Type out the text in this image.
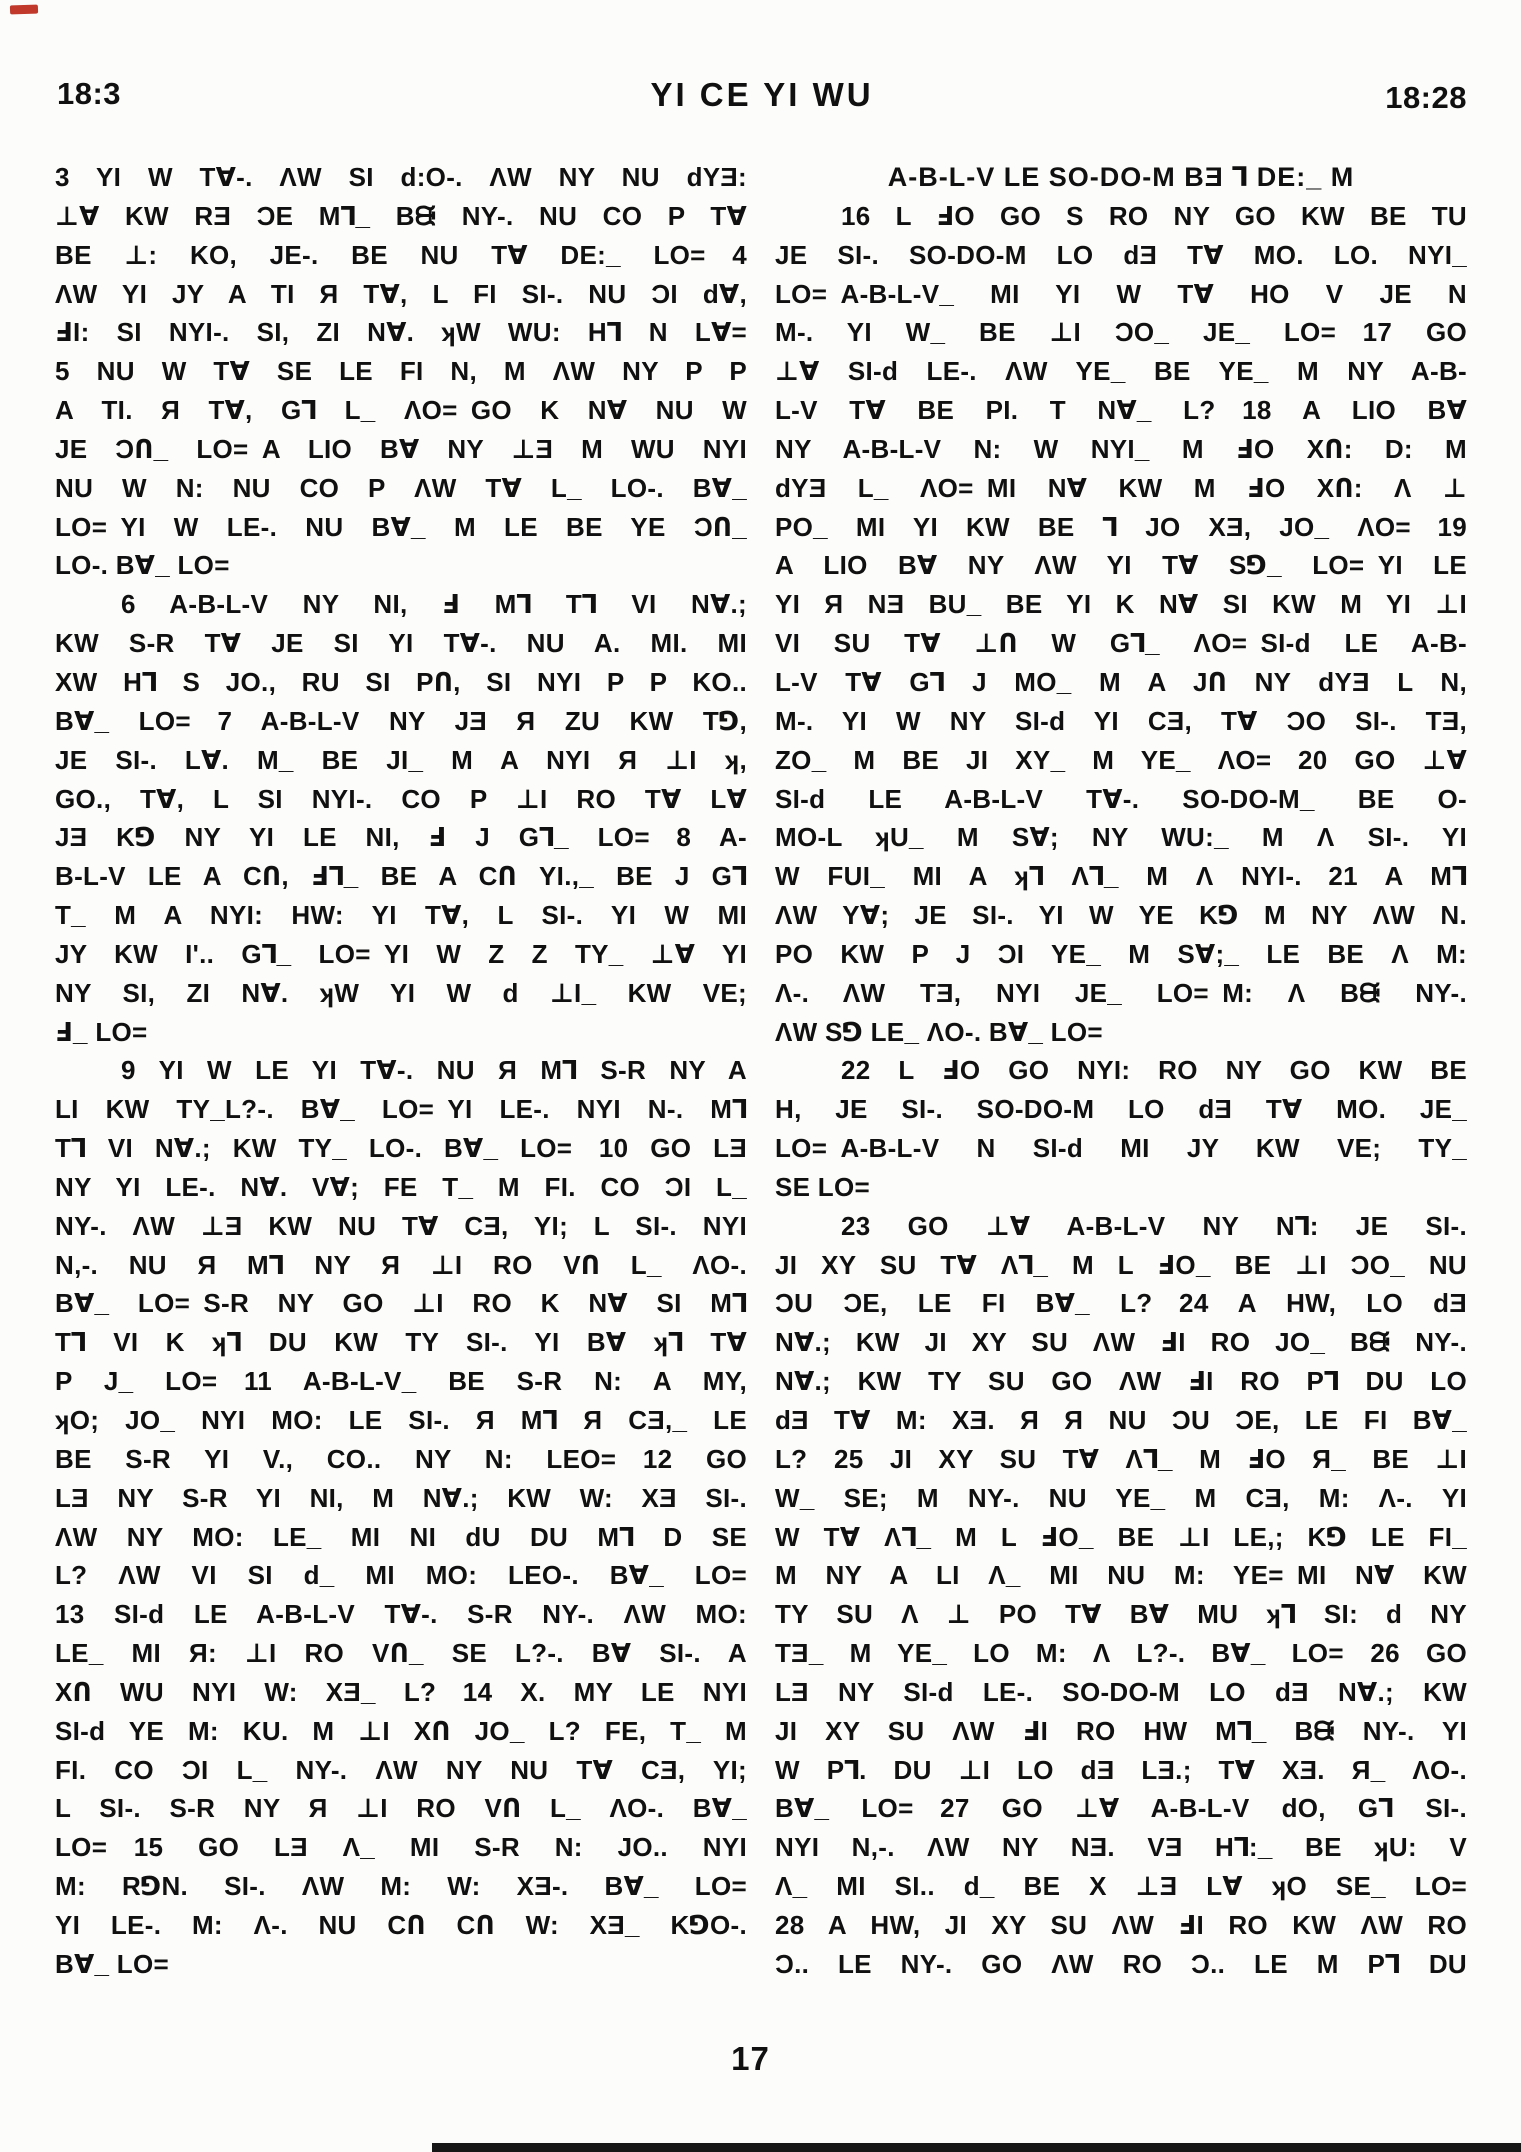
18:3	YI CE YI WU	18:28
3 YI W T∀-. ΛW SI d:O-. ΛW NY NU dYƎ:
⊥∀ KW RƎ ƆE M⅂_ Bᙠ NY-. NU CO P T∀
BE ⊥: KO, JE-. BE NU T∀ DE:_ LO=  4
ΛW YI JY A TI Я T∀, L FI SI-. NU ƆI d∀,
ℲI: SI NYI-. SI, ZI N∀. ʞW WU: H⅂ N L∀=
5 NU W T∀ SE LE FI N, M ΛW NY P P
A TI. Я T∀, G⅂ L_ ΛO= GO K N∀ NU W
JE ƆՈ_ LO= A LIO B∀ NY ⊥Ǝ M WU NYI
NU W N: NU CO P ΛW T∀ L_ LO-. B∀_
LO= YI W LE-. NU B∀_ M LE BE YE ƆՈ_
LO-. B∀_ LO=
6 A-B-L-V NY NI, Ⅎ M⅂ T⅂ VI N∀.;
KW S-R T∀ JE SI YI T∀-. NU A. MI. MI
XW H⅂ S JO., RU SI PՈ, SI NYI P P KO..
B∀_ LO=  7 A-B-L-V NY JƎ Я ZU KW T⅁,
JE SI-. L∀. M_ BE JI_ M A NYI Я ⊥I ʞ,
GO., T∀, L SI NYI-. CO P ⊥I RO T∀ L∀
JƎ K⅁ NY YI LE NI, Ⅎ J G⅂_ LO=  8 A-
B-L-V LE A CՈ, Ⅎ⅂_ BE A CՈ YI.,_ BE J G⅂
T_ M A NYI: HW: YI T∀, L SI-. YI W MI
JY KW I'.. G⅂_ LO= YI W Z Z TY_ ⊥∀ YI
NY SI, ZI N∀. ʞW YI W d ⊥I_ KW VE;
Ⅎ_ LO=
9 YI W LE YI T∀-. NU Я M⅂ S-R NY A
LI KW TY_L?-. B∀_ LO= YI LE-. NYI N-. M⅂
T⅂ VI N∀.; KW TY_ LO-. B∀_ LO=  10 GO LƎ
NY YI LE-. N∀. V∀; FE T_ M FI. CO ƆI L_
NY-. ΛW ⊥Ǝ KW NU T∀ CƎ, YI; L SI-. NYI
N,-. NU Я M⅂ NY Я ⊥I RO VՈ L_ ΛO-.
B∀_ LO= S-R NY GO ⊥I RO K N∀ SI M⅂
T⅂ VI K ʞ⅂ DU KW TY SI-. YI B∀ ʞ⅂ T∀
P J_ LO=  11 A-B-L-V_ BE S-R N: A MY,
ʞO; JO_ NYI MO: LE SI-. Я M⅂ Я CƎ,_ LE
BE S-R YI V., CO.. NY N: LEO=  12 GO
LƎ NY S-R YI NI, M N∀.; KW W: XƎ SI-.
ΛW NY MO: LE_ MI NI dU DU M⅂ D SE
L? ΛW VI SI d_ MI MO: LEO-. B∀_ LO=
13 SI-d LE A-B-L-V T∀-. S-R NY-. ΛW MO:
LE_ MI Я: ⊥I RO VՈ_ SE L?-. B∀ SI-. A
XՈ WU NYI W: XƎ_ L?  14 X. MY LE NYI
SI-d YE M: KU. M ⊥I XՈ JO_ L? FE, T_ M
FI. CO ƆI L_ NY-. ΛW NY NU T∀ CƎ, YI;
L SI-. S-R NY Я ⊥I RO VՈ L_ ΛO-. B∀_
LO=  15 GO LƎ Λ_ MI S-R N: JO.. NYI
M: R⅁N. SI-. ΛW M: W: XƎ-. B∀_ LO=
YI LE-. M: Λ-. NU CՈ CՈ W: XƎ_ K⅁O-.
B∀_ LO=
A-B-L-V LE SO-DO-M BƎ ⅂ DE:_ M
16 L ℲO GO S RO NY GO KW BE TU
JE SI-. SO-DO-M LO dƎ T∀ MO. LO. NYI_
LO= A-B-L-V_ MI YI W T∀ HO V JE N
M-. YI W_ BE ⊥I ƆO_ JE_ LO=  17 GO
⊥∀ SI-d LE-. ΛW YE_ BE YE_ M NY A-B-
L-V T∀ BE PI. T N∀_ L?  18 A LIO B∀
NY A-B-L-V N: W NYI_ M ℲO XՈ: D: M
dYƎ L_ ΛO= MI N∀ KW M ℲO XՈ: Λ ⊥
PO_ MI YI KW BE ⅂ JO XƎ, JO_ ΛO=  19
A LIO B∀ NY ΛW YI T∀ S⅁_ LO= YI LE
YI Я NƎ BU_ BE YI K N∀ SI KW M YI ⊥I
VI SU T∀ ⊥Ո W G⅂_ ΛO= SI-d LE A-B-
L-V T∀ G⅂ J MO_ M A JՈ NY dYƎ L N,
M-. YI W NY SI-d YI CƎ, T∀ ƆO SI-. TƎ,
ZO_ M BE JI XY_ M YE_ ΛO=  20 GO ⊥∀
SI-d LE A-B-L-V T∀-. SO-DO-M_ BE O-
MO-L ʞU_ M S∀; NY WU:_ M Λ SI-. YI
W FUI_ MI A ʞ⅂ Λ⅂_ M Λ NYI-.  21 A M⅂
ΛW Y∀; JE SI-. YI W YE K⅁ M NY ΛW N.
PO KW P J ƆI YE_ M S∀;_ LE BE Λ M:
Λ-. ΛW TƎ, NYI JE_ LO= M: Λ Bᙠ NY-.
ΛW S⅁ LE_ ΛO-. B∀_ LO=
22 L ℲO GO NYI: RO NY GO KW BE
H, JE SI-. SO-DO-M LO dƎ T∀ MO. JE_
LO= A-B-L-V N SI-d MI JY KW VE; TY_
SE LO=
23 GO ⊥∀ A-B-L-V NY N⅂: JE SI-.
JI XY SU T∀ Λ⅂_ M L ℲO_ BE ⊥I ƆO_ NU
ƆU ƆE, LE FI B∀_ L?  24 A HW, LO dƎ
N∀.; KW JI XY SU ΛW ℲI RO JO_ Bᙠ NY-.
N∀.; KW TY SU GO ΛW ℲI RO P⅂ DU LO
dƎ T∀ M: XƎ. Я Я NU ƆU ƆE, LE FI B∀_
L?  25 JI XY SU T∀ Λ⅂_ M ℲO Я_ BE ⊥I
W_ SE; M NY-. NU YE_ M CƎ, M: Λ-. YI
W T∀ Λ⅂_ M L ℲO_ BE ⊥I LE,; K⅁ LE FI_
M NY A LI Λ_ MI NU M: YE= MI N∀ KW
TY SU Λ ⊥ PO T∀ B∀ MU ʞ⅂ SI: d NY
TƎ_ M YE_ LO M: Λ L?-. B∀_ LO=  26 GO
LƎ NY SI-d LE-. SO-DO-M LO dƎ N∀.; KW
JI XY SU ΛW ℲI RO HW M⅂_ Bᙠ NY-. YI
W P⅂. DU ⊥I LO dƎ LƎ.; T∀ XƎ. Я_ ΛO-.
B∀_ LO=  27 GO ⊥∀ A-B-L-V dO, G⅂ SI-.
NYI N,-. ΛW NY NƎ. VƎ H⅂:_ BE ʞU: V
Λ_ MI SI.. d_ BE X ⊥Ǝ L∀ ʞO SE_ LO=
28 A HW, JI XY SU ΛW ℲI RO KW ΛW RO
Ɔ.. LE NY-. GO ΛW RO Ɔ.. LE M P⅂ DU
17
